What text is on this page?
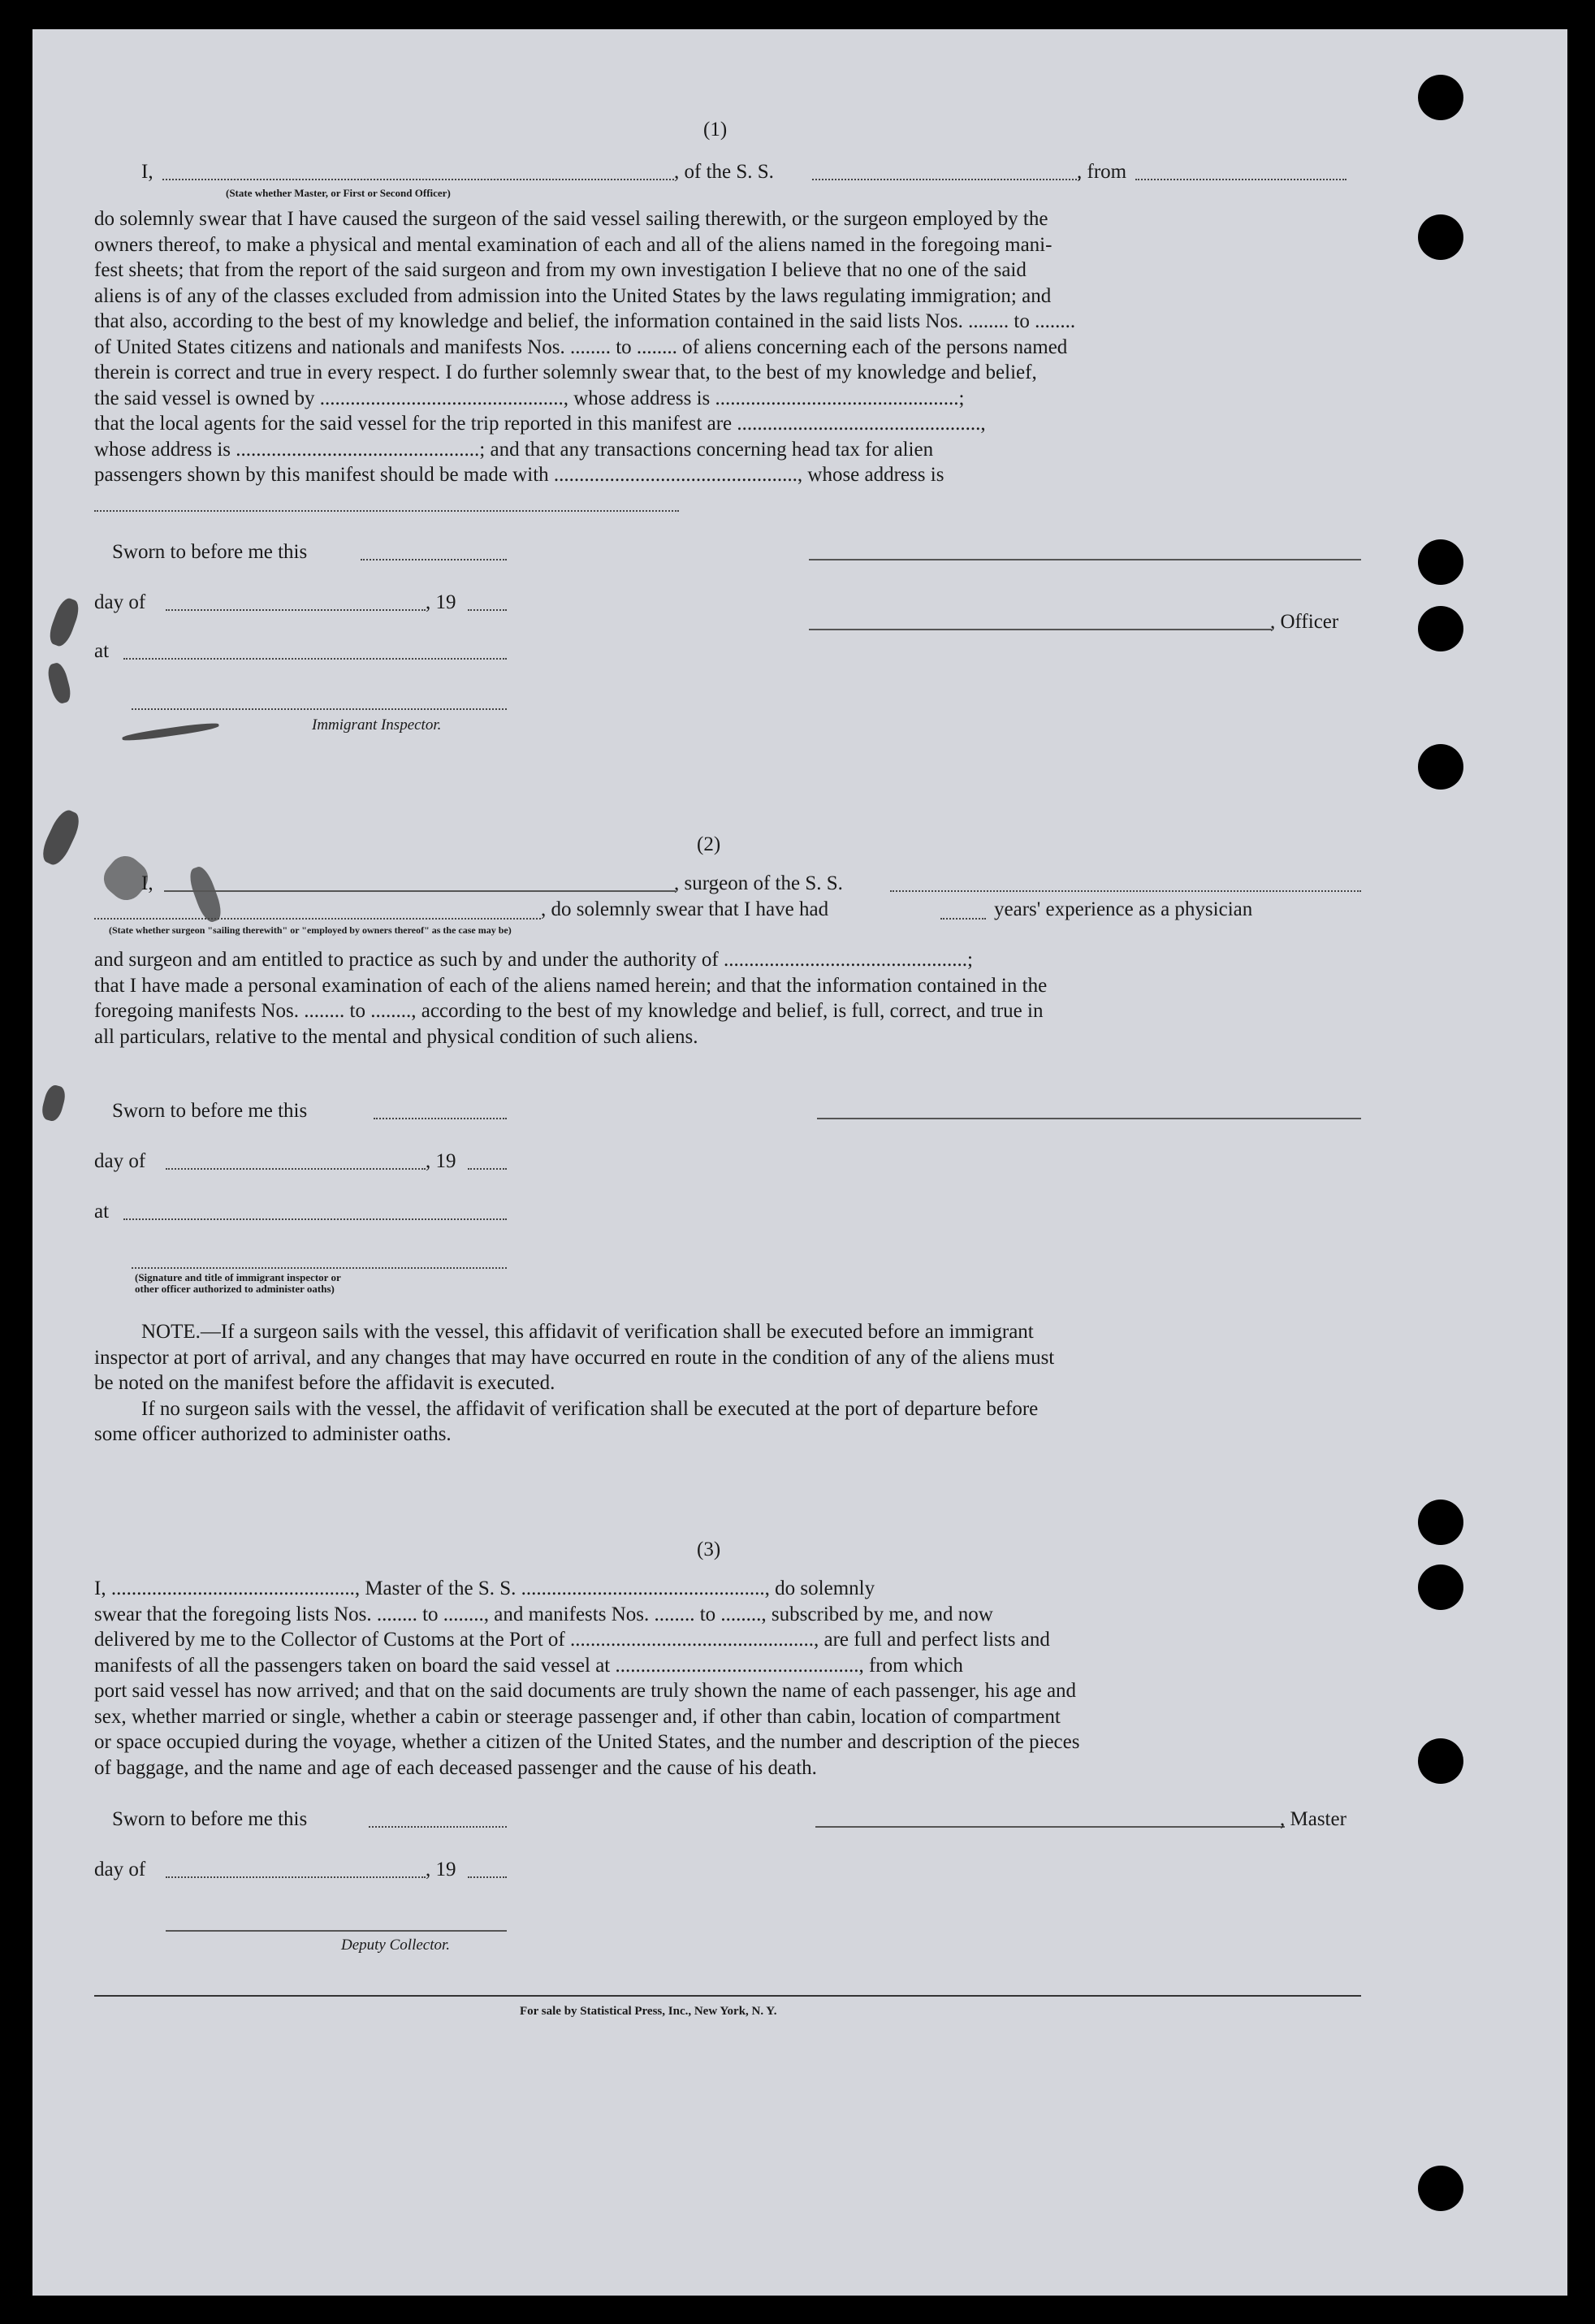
(1)
I,	, of the S. S.	, from
(State whether Master, or First or Second Officer)
do solemnly swear that I have caused the surgeon of the said vessel sailing therewith, or the surgeon employed by the
owners thereof, to make a physical and mental examination of each and all of the aliens named in the foregoing mani-
fest sheets; that from the report of the said surgeon and from my own investigation I believe that no one of the said
aliens is of any of the classes excluded from admission into the United States by the laws regulating immigration; and
that also, according to the best of my knowledge and belief, the information contained in the said lists Nos. ........ to ........
of United States citizens and nationals and manifests Nos. ........ to ........ of aliens concerning each of the persons named
therein is correct and true in every respect. I do further solemnly swear that, to the best of my knowledge and belief,
the said vessel is owned by ................................................, whose address is ................................................;
that the local agents for the said vessel for the trip reported in this manifest are ................................................,
whose address is ................................................; and that any transactions concerning head tax for alien
passengers shown by this manifest should be made with ................................................, whose address is
Sworn to before me this
day of	, 19
, Officer
at
Immigrant Inspector.
(2)
I,	, surgeon of the S. S.
, do solemnly swear that I have had	years' experience as a physician
(State whether surgeon "sailing therewith" or "employed by owners thereof" as the case may be)
and surgeon and am entitled to practice as such by and under the authority of ................................................;
that I have made a personal examination of each of the aliens named herein; and that the information contained in the
foregoing manifests Nos. ........ to ........, according to the best of my knowledge and belief, is full, correct, and true in
all particulars, relative to the mental and physical condition of such aliens.
Sworn to before me this
day of	, 19
at
(Signature and title of immigrant inspector or
other officer authorized to administer oaths)
NOTE.—If a surgeon sails with the vessel, this affidavit of verification shall be executed before an immigrant
inspector at port of arrival, and any changes that may have occurred en route in the condition of any of the aliens must
be noted on the manifest before the affidavit is executed.
If no surgeon sails with the vessel, the affidavit of verification shall be executed at the port of departure before
some officer authorized to administer oaths.
(3)
I, ................................................, Master of the S. S. ................................................, do solemnly
swear that the foregoing lists Nos. ........ to ........, and manifests Nos. ........ to ........, subscribed by me, and now
delivered by me to the Collector of Customs at the Port of ................................................, are full and perfect lists and
manifests of all the passengers taken on board the said vessel at ................................................, from which
port said vessel has now arrived; and that on the said documents are truly shown the name of each passenger, his age and
sex, whether married or single, whether a cabin or steerage passenger and, if other than cabin, location of compartment
or space occupied during the voyage, whether a citizen of the United States, and the number and description of the pieces
of baggage, and the name and age of each deceased passenger and the cause of his death.
Sworn to before me this	, Master
day of	, 19
Deputy Collector.
For sale by Statistical Press, Inc., New York, N. Y.
